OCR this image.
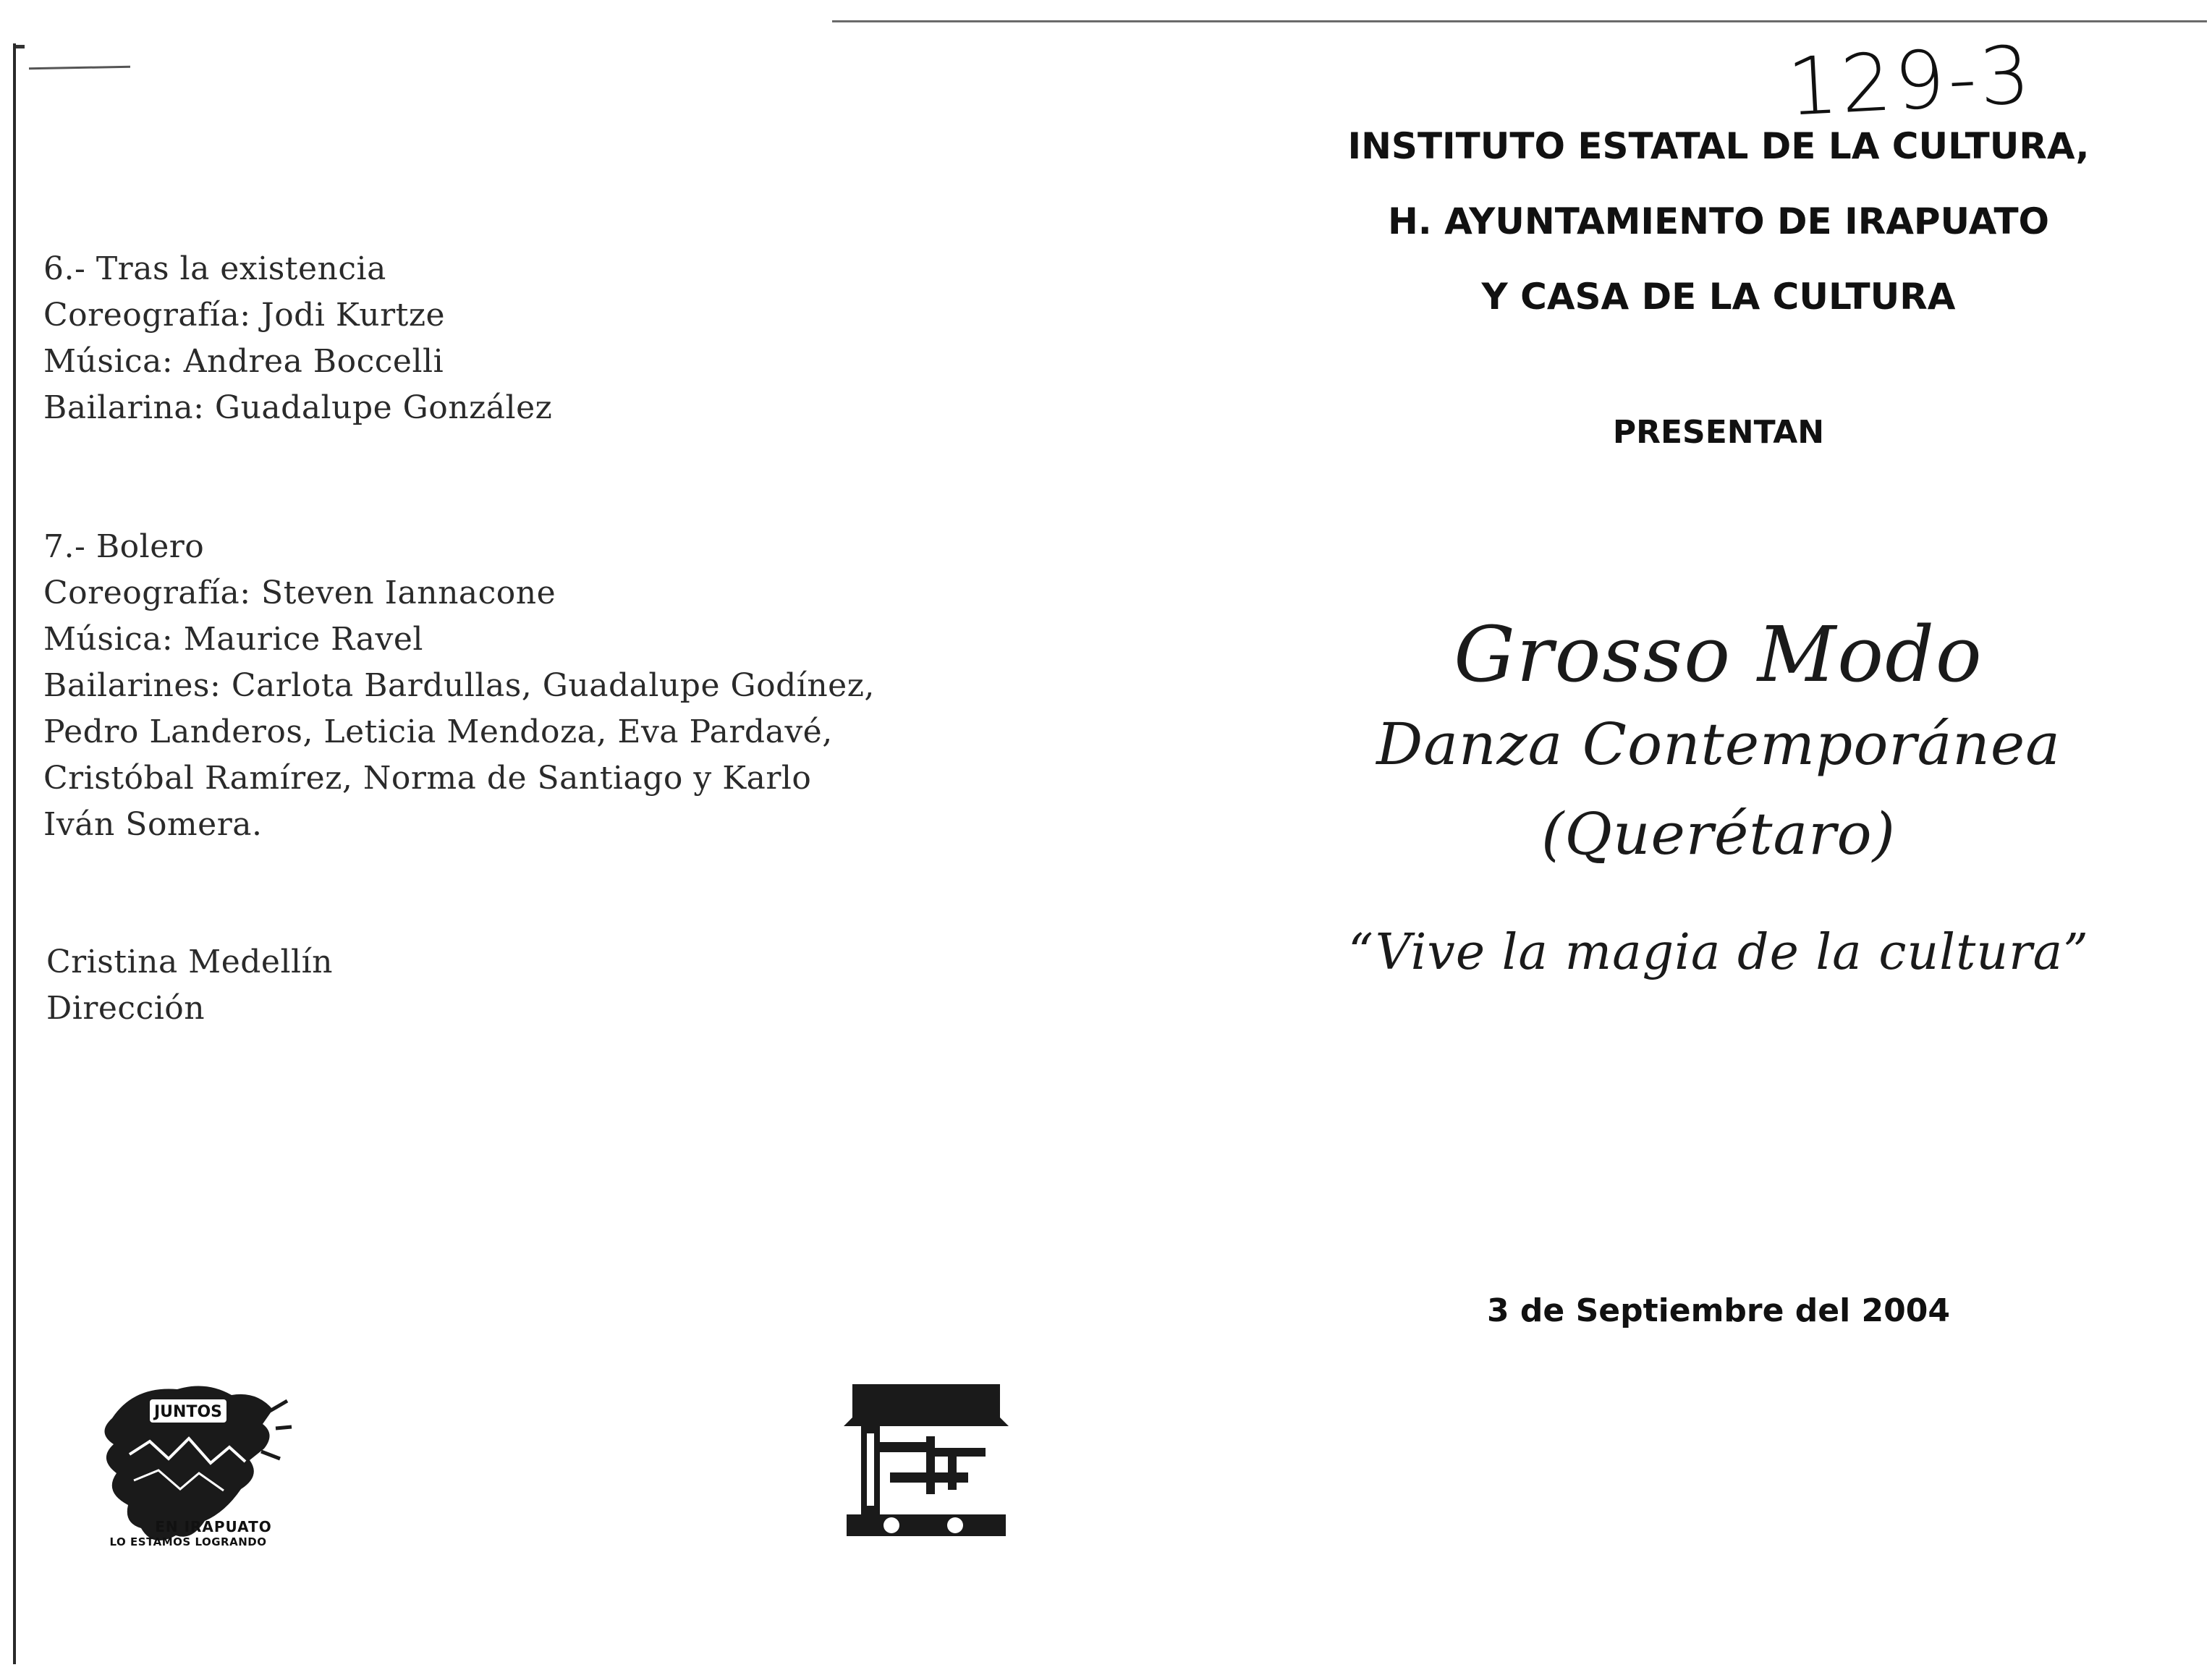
129-3
6.- Tras la existencia
Coreografía: Jodi Kurtze
Música: Andrea Boccelli
Bailarina: Guadalupe González
7.- Bolero
Coreografía: Steven Iannacone
Música: Maurice Ravel
Bailarines: Carlota Bardullas, Guadalupe Godínez,
Pedro Landeros, Leticia Mendoza, Eva Pardavé,
Cristóbal Ramírez, Norma de Santiago y Karlo
Iván Somera.
Cristina Medellín
Dirección
INSTITUTO ESTATAL DE LA CULTURA,
H. AYUNTAMIENTO DE IRAPUATO
Y CASA DE LA CULTURA
PRESENTAN
Grosso Modo
Danza Contemporánea
(Querétaro)
“Vive la magia de la cultura”
3 de Septiembre del 2004
JUNTOS
EN IRAPUATO
LO ESTAMOS LOGRANDO
